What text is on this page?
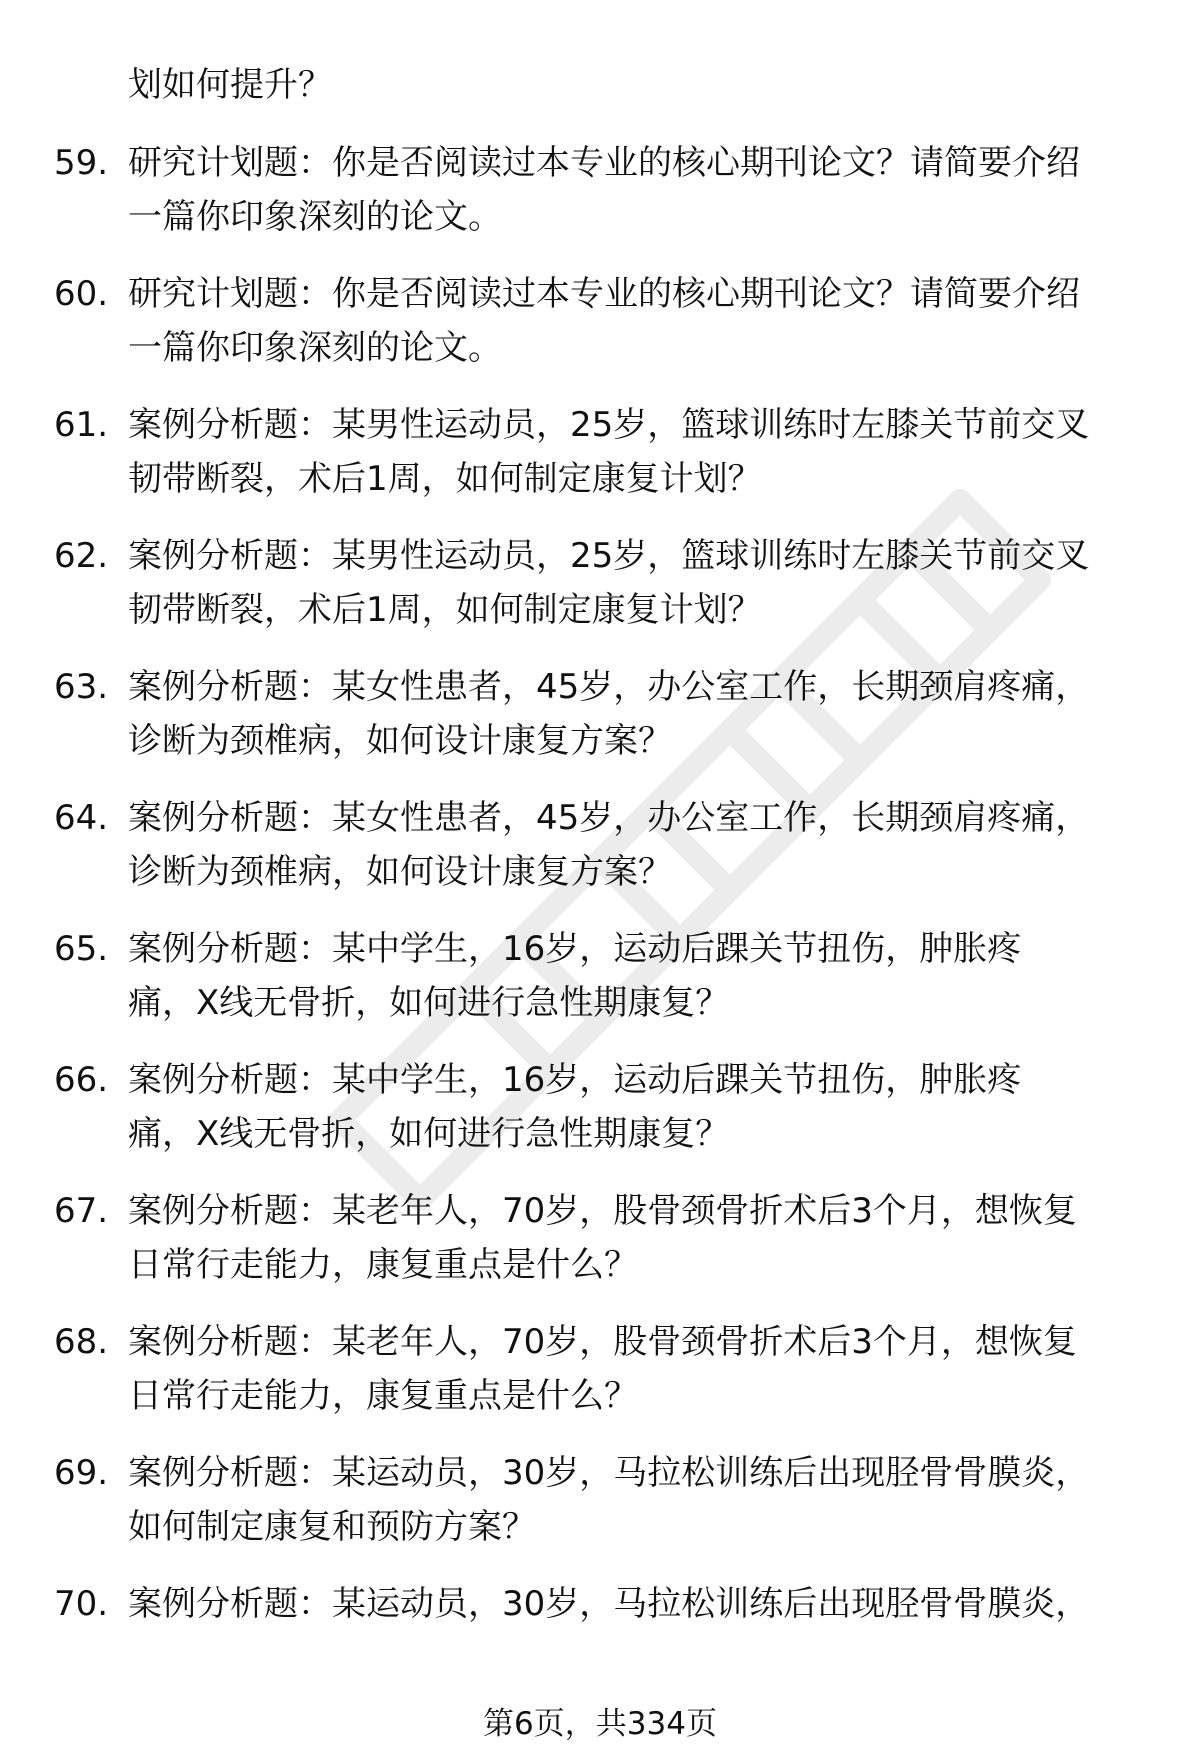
划如何提升？
59. 研究计划题：你是否阅读过本专业的核心期刊论文？请简要介绍
一篇你印象深刻的论文。
60. 研究计划题：你是否阅读过本专业的核心期刊论文？请简要介绍
一篇你印象深刻的论文。
61. 案例分析题：某男性运动员，25岁，篮球训练时左膝关节前交叉
韧带断裂，术后1周，如何制定康复计划？
62. 案例分析题：某男性运动员，25岁，篮球训练时左膝关节前交叉
韧带断裂，术后1周，如何制定康复计划？
63. 案例分析题：某女性患者，45岁，办公室工作，长期颈肩疼痛，
诊断为颈椎病，如何设计康复方案？
64. 案例分析题：某女性患者，45岁，办公室工作，长期颈肩疼痛，
诊断为颈椎病，如何设计康复方案？
65. 案例分析题：某中学生，16岁，运动后踝关节扭伤，肿胀疼
痛，X线无骨折，如何进行急性期康复？
66. 案例分析题：某中学生，16岁，运动后踝关节扭伤，肿胀疼
痛，X线无骨折，如何进行急性期康复？
67. 案例分析题：某老年人，70岁，股骨颈骨折术后3个月，想恢复
日常行走能力，康复重点是什么？
68. 案例分析题：某老年人，70岁，股骨颈骨折术后3个月，想恢复
日常行走能力，康复重点是什么？
69. 案例分析题：某运动员，30岁，马拉松训练后出现胫骨骨膜炎，
如何制定康复和预防方案？
70. 案例分析题：某运动员，30岁，马拉松训练后出现胫骨骨膜炎，
第6页，共334页
